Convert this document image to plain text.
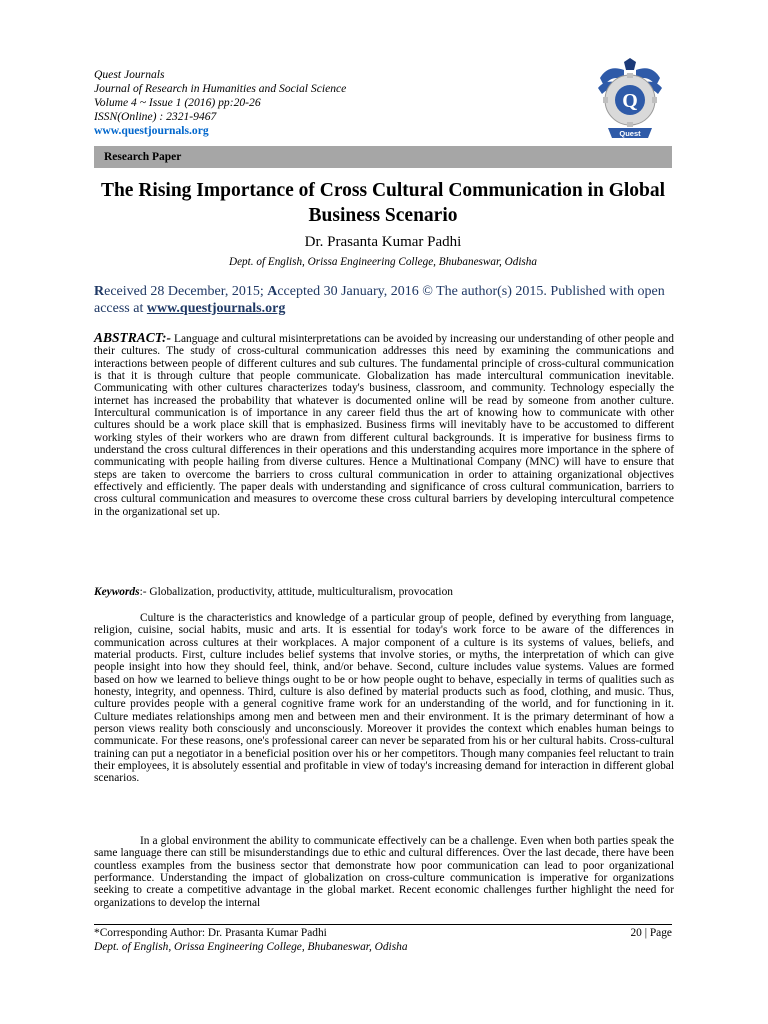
Quest Journals
Journal of Research in Humanities and Social Science
Volume 4 ~ Issue 1 (2016) pp:20-26
ISSN(Online) : 2321-9467
www.questjournals.org
Q
Quest
Research Paper
The Rising Importance of Cross Cultural Communication in Global Business Scenario
Dr. Prasanta Kumar Padhi
Dept. of English, Orissa Engineering College, Bhubaneswar, Odisha
Received 28 December, 2015; Accepted 30 January, 2016 © The author(s) 2015. Published with open access at www.questjournals.org

ABSTRACT:- Language and cultural misinterpretations can be avoided by increasing our understanding of other people and their cultures. The study of cross-cultural communication addresses this need by examining the communications and interactions between people of different cultures and sub cultures. The fundamental principle of cross-cultural communication is that it is through culture that people communicate. Globalization has made intercultural communication inevitable. Communicating with other cultures characterizes today's business, classroom, and community. Technology especially the internet has increased the probability that whatever is documented online will be read by someone from another culture. Intercultural communication is of importance in any career field thus the art of knowing how to communicate with other cultures should be a work place skill that is emphasized. Business firms will inevitably have to be accustomed to different working styles of their workers who are drawn from different cultural backgrounds. It is imperative for business firms to understand the cross cultural differences in their operations and this understanding acquires more importance in the sphere of communicating with people hailing from diverse cultures. Hence a Multinational Company (MNC) will have to ensure that steps are taken to overcome the barriers to cross cultural communication in order to attaining organizational objectives effectively and efficiently. The paper deals with understanding and significance of cross cultural communication, barriers to cross cultural communication and measures to overcome these cross cultural barriers by developing intercultural competence in the organizational set up.

Keywords:- Globalization, productivity, attitude, multiculturalism, provocation

Culture is the characteristics and knowledge of a particular group of people, defined by everything from language, religion, cuisine, social habits, music and arts. It is essential for today's work force to be aware of the differences in communication across cultures at their workplaces. A major component of a culture is its systems of values, beliefs, and material products. First, culture includes belief systems that involve stories, or myths, the interpretation of which can give people insight into how they should feel, think, and/or behave. Second, culture includes value systems. Values are formed based on how we learned to believe things ought to be or how people ought to behave, especially in terms of qualities such as honesty, integrity, and openness. Third, culture is also defined by material products such as food, clothing, and music. Thus, culture provides people with a general cognitive frame work for an understanding of the world, and for functioning in it. Culture mediates relationships among men and between men and their environment. It is the primary determinant of how a person views reality both consciously and unconsciously. Moreover it provides the context which enables human beings to communicate. For these reasons, one's professional career can never be separated from his or her cultural habits. Cross-cultural training can put a negotiator in a beneficial position over his or her competitors. Though many companies feel reluctant to train their employees, it is absolutely essential and profitable in view of today's increasing demand for interaction in different global scenarios.

In a global environment the ability to communicate effectively can be a challenge. Even when both parties speak the same language there can still be misunderstandings due to ethic and cultural differences. Over the last decade, there have been countless examples from the business sector that demonstrate how poor communication can lead to poor organizational performance. Understanding the impact of globalization on cross-culture communication is imperative for organizations seeking to create a competitive advantage in the global market. Recent economic challenges further highlight the need for organizations to develop the internal

*Corresponding Author: Dr. Prasanta Kumar Padhi
Dept. of English, Orissa Engineering College, Bhubaneswar, Odisha
20 | Page
